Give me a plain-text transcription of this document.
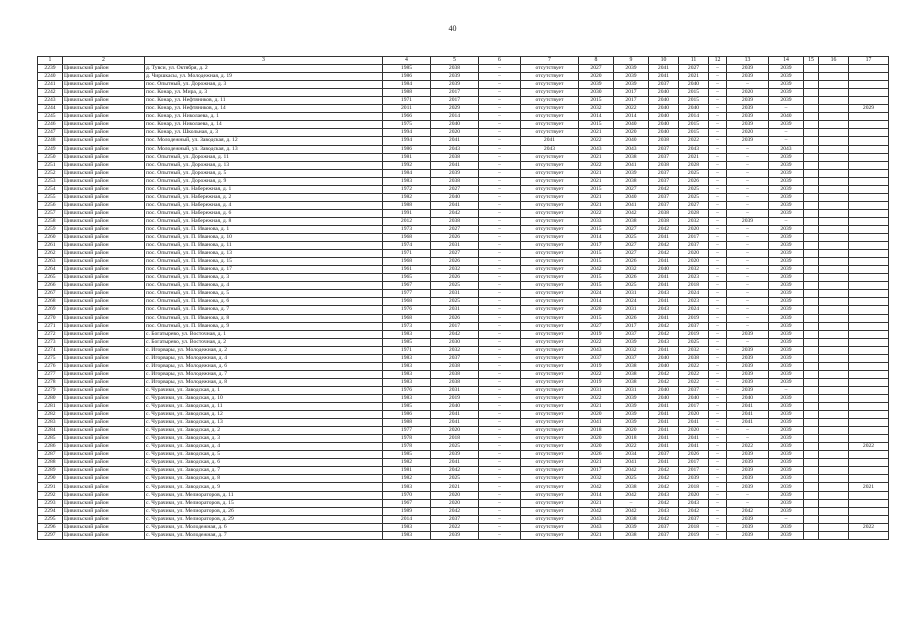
40
1	2	3	4	5	6	7	8	9	10	11	12	13	14	15	16	17
2239	Цивильский район	д. Тувси, ул. Октября, д. 2	1985	2038	–	отсутствует	2027	2039	2041	2027	–	2039	2039			
2240	Цивильский район	д. Чиршкасы, ул. Молодежная, д. 19	1986	2039	–	отсутствует	2020	2039	2041	2021	–	2039	2039			
2241	Цивильский район	пос. Опытный, ул. Дорожная, д. 3	1984	2039	–	отсутствует	2039	2039	2037	2040	–	–	2039			
2242	Цивильский район	пос. Конар, ул. Мира, д. 3	1988	2017	–	отсутствует	2030	2017	2040	2015	–	2020	2039			
2243	Цивильский район	пос. Конар, ул. Нефтяников, д. 11	1971	2017	–	отсутствует	2015	2017	2040	2015	–	2039	2039			
2244	Цивильский район	пос. Конар, ул. Нефтяников, д. 14	2011	2029	–	отсутствует	2032	2022	2040	2040	–	2039	–			2029
2245	Цивильский район	пос. Конар, ул. Николаева, д. 1	1966	2014	–	отсутствует	2014	2014	2040	2014	–	2039	2040			
2246	Цивильский район	пос. Конар, ул. Николаева, д. 14	1975	2040	–	отсутствует	2015	2040	2040	2015	–	2039	2039			
2247	Цивильский район	пос. Конар, ул. Школьная, д. 3	1994	2020	–	отсутствует	2021	2020	2040	2015	–	2020	–			
2248	Цивильский район	пос. Молодежный, ул. Заводская, д. 12	1994	2041	–	2041	2022	2040	2038	2022	–	2039	–			
2249	Цивильский район	пос. Молодежный, ул. Заводская, д. 13	1986	2043	–	2043	2043	2043	2037	2043	–	–	2043			
2250	Цивильский район	пос. Опытный, ул. Дорожная, д. 11	1981	2038	–	отсутствует	2021	2038	2037	2021	–	–	2039			
2251	Цивильский район	пос. Опытный, ул. Дорожная, д. 13	1992	2041	–	отсутствует	2022	2041	2038	2028	–	–	2039			
2252	Цивильский район	пос. Опытный, ул. Дорожная, д. 5	1984	2039	–	отсутствует	2021	2039	2037	2025	–	–	2039			
2253	Цивильский район	пос. Опытный, ул. Дорожная, д. 9	1983	2038	–	отсутствует	2021	2038	2037	2026	–	–	2039			
2254	Цивильский район	пос. Опытный, ул. Набережная, д. 1	1972	2027	–	отсутствует	2015	2027	2042	2025	–	–	2039			
2255	Цивильский район	пос. Опытный, ул. Набережная, д. 2	1982	2040	–	отсутствует	2021	2040	2037	2025	–	–	2039			
2256	Цивильский район	пос. Опытный, ул. Набережная, д. 4	1988	2041	–	отсутствует	2021	2041	2037	2027	–	–	2039			
2257	Цивильский район	пос. Опытный, ул. Набережная, д. 6	1991	2042	–	отсутствует	2022	2042	2038	2028	–	–	2039			
2258	Цивильский район	пос. Опытный, ул. Набережная, д. 8	2012	2038	–	отсутствует	2033	2038	2038	2032	–	2039	–			
2259	Цивильский район	пос. Опытный, ул. П. Иванова, д. 1	1973	2027	–	отсутствует	2015	2027	2042	2020	–	–	2039			
2260	Цивильский район	пос. Опытный, ул. П. Иванова, д. 10	1968	2026	–	отсутствует	2014	2025	2041	2017	–	–	2039			
2261	Цивильский район	пос. Опытный, ул. П. Иванова, д. 11	1974	2031	–	отсутствует	2017	2027	2042	2037	–	–	2039			
2262	Цивильский район	пос. Опытный, ул. П. Иванова, д. 13	1971	2027	–	отсутствует	2015	2027	2042	2020	–	–	2039			
2263	Цивильский район	пос. Опытный, ул. П. Иванова, д. 15	1968	2026	–	отсутствует	2015	2026	2041	2020	–	–	2039			
2264	Цивильский район	пос. Опытный, ул. П. Иванова, д. 17	1961	2032	–	отсутствует	2042	2032	2040	2032	–	–	2039			
2265	Цивильский район	пос. Опытный, ул. П. Иванова, д. 3	1965	2026	–	отсутствует	2015	2026	2041	2023	–	–	2039			
2266	Цивильский район	пос. Опытный, ул. П. Иванова, д. 4	1967	2025	–	отсутствует	2015	2025	2041	2018	–	–	2039			
2267	Цивильский район	пос. Опытный, ул. П. Иванова, д. 5	1977	2031	–	отсутствует	2024	2031	2043	2024	–	–	2039			
2268	Цивильский район	пос. Опытный, ул. П. Иванова, д. 6	1968	2025	–	отсутствует	2014	2024	2041	2023	–	–	2039			
2269	Цивильский район	пос. Опытный, ул. П. Иванова, д. 7	1976	2031	–	отсутствует	2020	2031	2043	2024	–	–	2039			
2270	Цивильский район	пос. Опытный, ул. П. Иванова, д. 8	1968	2026	–	отсутствует	2015	2026	2041	2019	–	–	2039			
2271	Цивильский район	пос. Опытный, ул. П. Иванова, д. 9	1973	2017	–	отсутствует	2027	2017	2042	2037	–	–	2039			
2272	Цивильский район	с. Богатырево, ул. Восточная, д. 1	1983	2042	–	отсутствует	2019	2037	2042	2019	–	2039	2039			
2273	Цивильский район	с. Богатырево, ул. Восточная, д. 2	1985	2030	–	отсутствует	2022	2039	2043	2025	–	–	2039			
2274	Цивильский район	с. Игорвары, ул. Молодежная, д. 2	1971	2032	–	отсутствует	2043	2032	2041	2032	–	2039	2039			
2275	Цивильский район	с. Игорвары, ул. Молодежная, д. 4	1983	2037	–	отсутствует	2037	2037	2040	2038	–	2039	2039			
2276	Цивильский район	с. Игорвары, ул. Молодежная, д. 6	1983	2038	–	отсутствует	2019	2038	2040	2022	–	2039	2039			
2277	Цивильский район	с. Игорвары, ул. Молодежная, д. 7	1983	2038	–	отсутствует	2022	2038	2042	2022	–	2039	2039			
2278	Цивильский район	с. Игорвары, ул. Молодежная, д. 8	1983	2038	–	отсутствует	2019	2038	2042	2022	–	2039	2039			
2279	Цивильский район	с. Чурачики, ул. Заводская, д. 1	1976	2031	–	отсутствует	2031	2031	2040	2037	–	2039	–			
2280	Цивильский район	с. Чурачики, ул. Заводская, д. 10	1983	2019	–	отсутствует	2022	2039	2040	2040	–	2040	2039			
2281	Цивильский район	с. Чурачики, ул. Заводская, д. 11	1985	2040	–	отсутствует	2021	2039	2041	2017	–	2041	2039			
2282	Цивильский район	с. Чурачики, ул. Заводская, д. 12	1986	2041	–	отсутствует	2020	2039	2041	2020	–	2041	2039			
2283	Цивильский район	с. Чурачики, ул. Заводская, д. 13	1988	2041	–	отсутствует	2041	2039	2041	2041	–	2041	2039			
2284	Цивильский район	с. Чурачики, ул. Заводская, д. 2	1977	2020	–	отсутствует	2018	2020	2041	2020	–	–	2039			
2285	Цивильский район	с. Чурачики, ул. Заводская, д. 3	1978	2018	–	отсутствует	2020	2018	2041	2041	–	–	2039			
2286	Цивильский район	с. Чурачики, ул. Заводская, д. 4	1978	2025	–	отсутствует	2020	2022	2041	2041	–	2022	2039			2022
2287	Цивильский район	с. Чурачики, ул. Заводская, д. 5	1985	2039	–	отсутствует	2026	2034	2037	2026	–	2039	2039			
2288	Цивильский район	с. Чурачики, ул. Заводская, д. 6	1982	2041	–	отсутствует	2021	2041	2041	2017	–	2039	2039			
2289	Цивильский район	с. Чурачики, ул. Заводская, д. 7	1981	2042	–	отсутствует	2017	2042	2042	2017	–	2039	2039			
2290	Цивильский район	с. Чурачики, ул. Заводская, д. 8	1982	2025	–	отсутствует	2032	2025	2042	2039	–	2039	2039			
2291	Цивильский район	с. Чурачики, ул. Заводская, д. 9	1983	2021	–	отсутствует	2042	2038	2042	2018	–	2039	2039			2021
2292	Цивильский район	с. Чурачики, ул. Мелиораторов, д. 11	1970	2020	–	отсутствует	2014	2042	2043	2020	–	–	2039			
2293	Цивильский район	с. Чурачики, ул. Мелиораторов, д. 15	1967	2020	–	отсутствует	2021	–	2042	2043	–	–	2039			
2294	Цивильский район	с. Чурачики, ул. Мелиораторов, д. 26	1989	2042	–	отсутствует	2042	2042	2043	2042	–	2042	2039			
2295	Цивильский район	с. Чурачики, ул. Мелиораторов, д. 29	2014	2037	–	отсутствует	2043	2038	2042	2037	–	2039	–			
2296	Цивильский район	с. Чурачики, ул. Молодежная, д. 6	1983	2022	–	отсутствует	2043	2039	2037	2018	–	2039	2039			2022
2297	Цивильский район	с. Чурачики, ул. Молодежная, д. 7	1983	2039	–	отсутствует	2021	2038	2037	2019	–	2039	2039			
